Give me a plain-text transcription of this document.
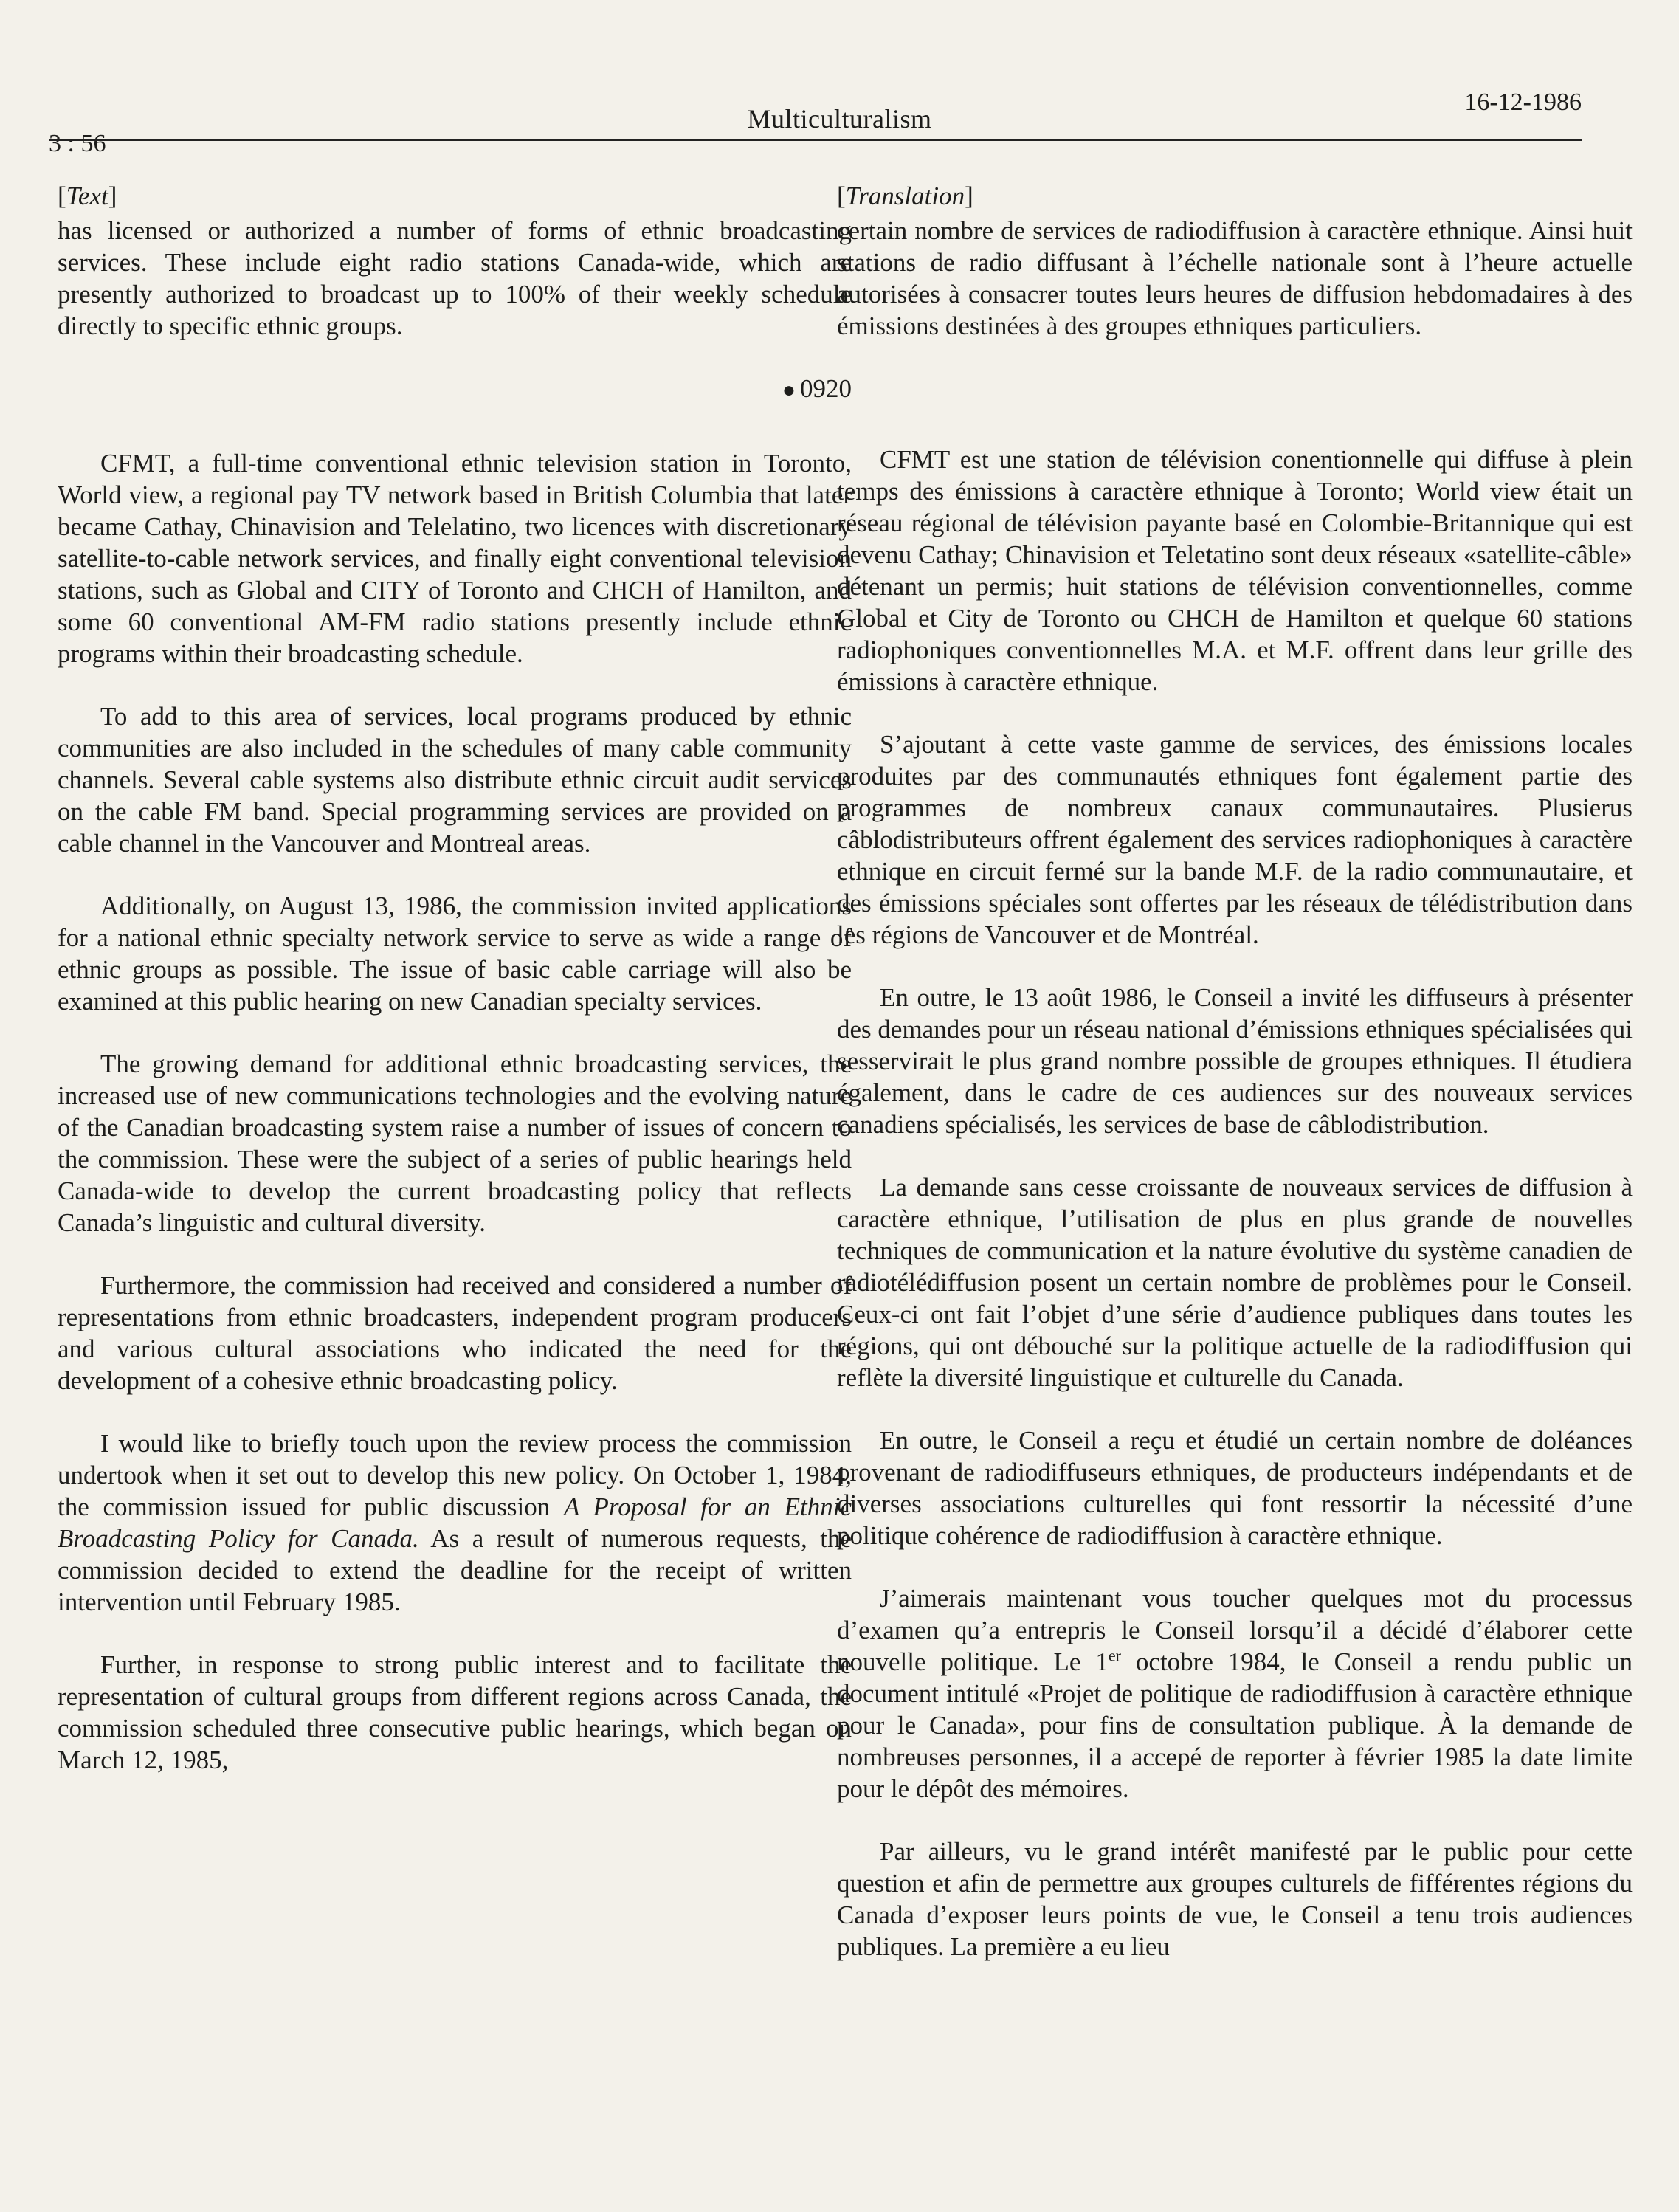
3 : 56
Multiculturalism
16-12-1986
[Text]

has licensed or authorized a number of forms of ethnic broadcasting services. These include eight radio stations Canada-wide, which are presently authorized to broadcast up to 100% of their weekly schedule directly to specific ethnic groups.

● 0920

CFMT, a full-time conventional ethnic television station in Toronto, World view, a regional pay TV network based in British Columbia that later became Cathay, Chinavision and Telelatino, two licences with discretionary satellite-to-cable network services, and finally eight conventional television stations, such as Global and CITY of Toronto and CHCH of Hamilton, and some 60 conventional AM-FM radio stations presently include ethnic programs within their broadcasting schedule.

To add to this area of services, local programs produced by ethnic communities are also included in the schedules of many cable community channels. Several cable systems also distribute ethnic circuit audit services on the cable FM band. Special programming services are provided on a cable channel in the Vancouver and Montreal areas.

Additionally, on August 13, 1986, the commission invited applications for a national ethnic specialty network service to serve as wide a range of ethnic groups as possible. The issue of basic cable carriage will also be examined at this public hearing on new Canadian specialty services.

The growing demand for additional ethnic broadcasting services, the increased use of new communications technologies and the evolving nature of the Canadian broadcasting system raise a number of issues of concern to the commission. These were the subject of a series of public hearings held Canada-wide to develop the current broadcasting policy that reflects Canada’s linguistic and cultural diversity.

Furthermore, the commission had received and considered a number of representations from ethnic broadcasters, independent program producers and various cultural associations who indicated the need for the development of a cohesive ethnic broadcasting policy.

I would like to briefly touch upon the review process the commission undertook when it set out to develop this new policy. On October 1, 1984, the commission issued for public discussion A Proposal for an Ethnic Broadcasting Policy for Canada. As a result of numerous requests, the commission decided to extend the deadline for the receipt of written intervention until February 1985.

Further, in response to strong public interest and to facilitate the representation of cultural groups from different regions across Canada, the commission scheduled three consecutive public hearings, which began on March 12, 1985,

[Translation]

certain nombre de services de radiodiffusion à caractère ethnique. Ainsi huit stations de radio diffusant à l’échelle nationale sont à l’heure actuelle autorisées à consacrer toutes leurs heures de diffusion hebdomadaires à des émissions destinées à des groupes ethniques particuliers.

CFMT est une station de télévision conentionnelle qui diffuse à plein temps des émissions à caractère ethnique à Toronto; World view était un réseau régional de télévision payante basé en Colombie-Britannique qui est devenu Cathay; Chinavision et Teletatino sont deux réseaux «satellite-câble» détenant un permis; huit stations de télévision conventionnelles, comme Global et City de Toronto ou CHCH de Hamilton et quelque 60 stations radiophoniques conventionnelles M.A. et M.F. offrent dans leur grille des émissions à caractère ethnique.

S’ajoutant à cette vaste gamme de services, des émissions locales produites par des communautés ethniques font également partie des programmes de nombreux canaux communautaires. Plusierus câblodistributeurs offrent également des services radiophoniques à caractère ethnique en circuit fermé sur la bande M.F. de la radio communautaire, et des émissions spéciales sont offertes par les réseaux de télédistribution dans les régions de Vancouver et de Montréal.

En outre, le 13 août 1986, le Conseil a invité les diffuseurs à présenter des demandes pour un réseau national d’émissions ethniques spécialisées qui sesservirait le plus grand nombre possible de groupes ethniques. Il étudiera également, dans le cadre de ces audiences sur des nouveaux services canadiens spécialisés, les services de base de câblodistribution.

La demande sans cesse croissante de nouveaux services de diffusion à caractère ethnique, l’utilisation de plus en plus grande de nouvelles techniques de communication et la nature évolutive du système canadien de radiotélédiffusion posent un certain nombre de problèmes pour le Conseil. Ceux-ci ont fait l’objet d’une série d’audience publiques dans toutes les régions, qui ont débouché sur la politique actuelle de la radiodiffusion qui reflète la diversité linguistique et culturelle du Canada.

En outre, le Conseil a reçu et étudié un certain nombre de doléances provenant de radiodiffuseurs ethniques, de producteurs indépendants et de diverses associations culturelles qui font ressortir la nécessité d’une politique cohérence de radiodiffusion à caractère ethnique.

J’aimerais maintenant vous toucher quelques mot du processus d’examen qu’a entrepris le Conseil lorsqu’il a décidé d’élaborer cette nouvelle politique. Le 1er octobre 1984, le Conseil a rendu public un document intitulé «Projet de politique de radiodiffusion à caractère ethnique pour le Canada», pour fins de consultation publique. À la demande de nombreuses personnes, il a accepé de reporter à février 1985 la date limite pour le dépôt des mémoires.

Par ailleurs, vu le grand intérêt manifesté par le public pour cette question et afin de permettre aux groupes culturels de fifférentes régions du Canada d’exposer leurs points de vue, le Conseil a tenu trois audiences publiques. La première a eu lieu
